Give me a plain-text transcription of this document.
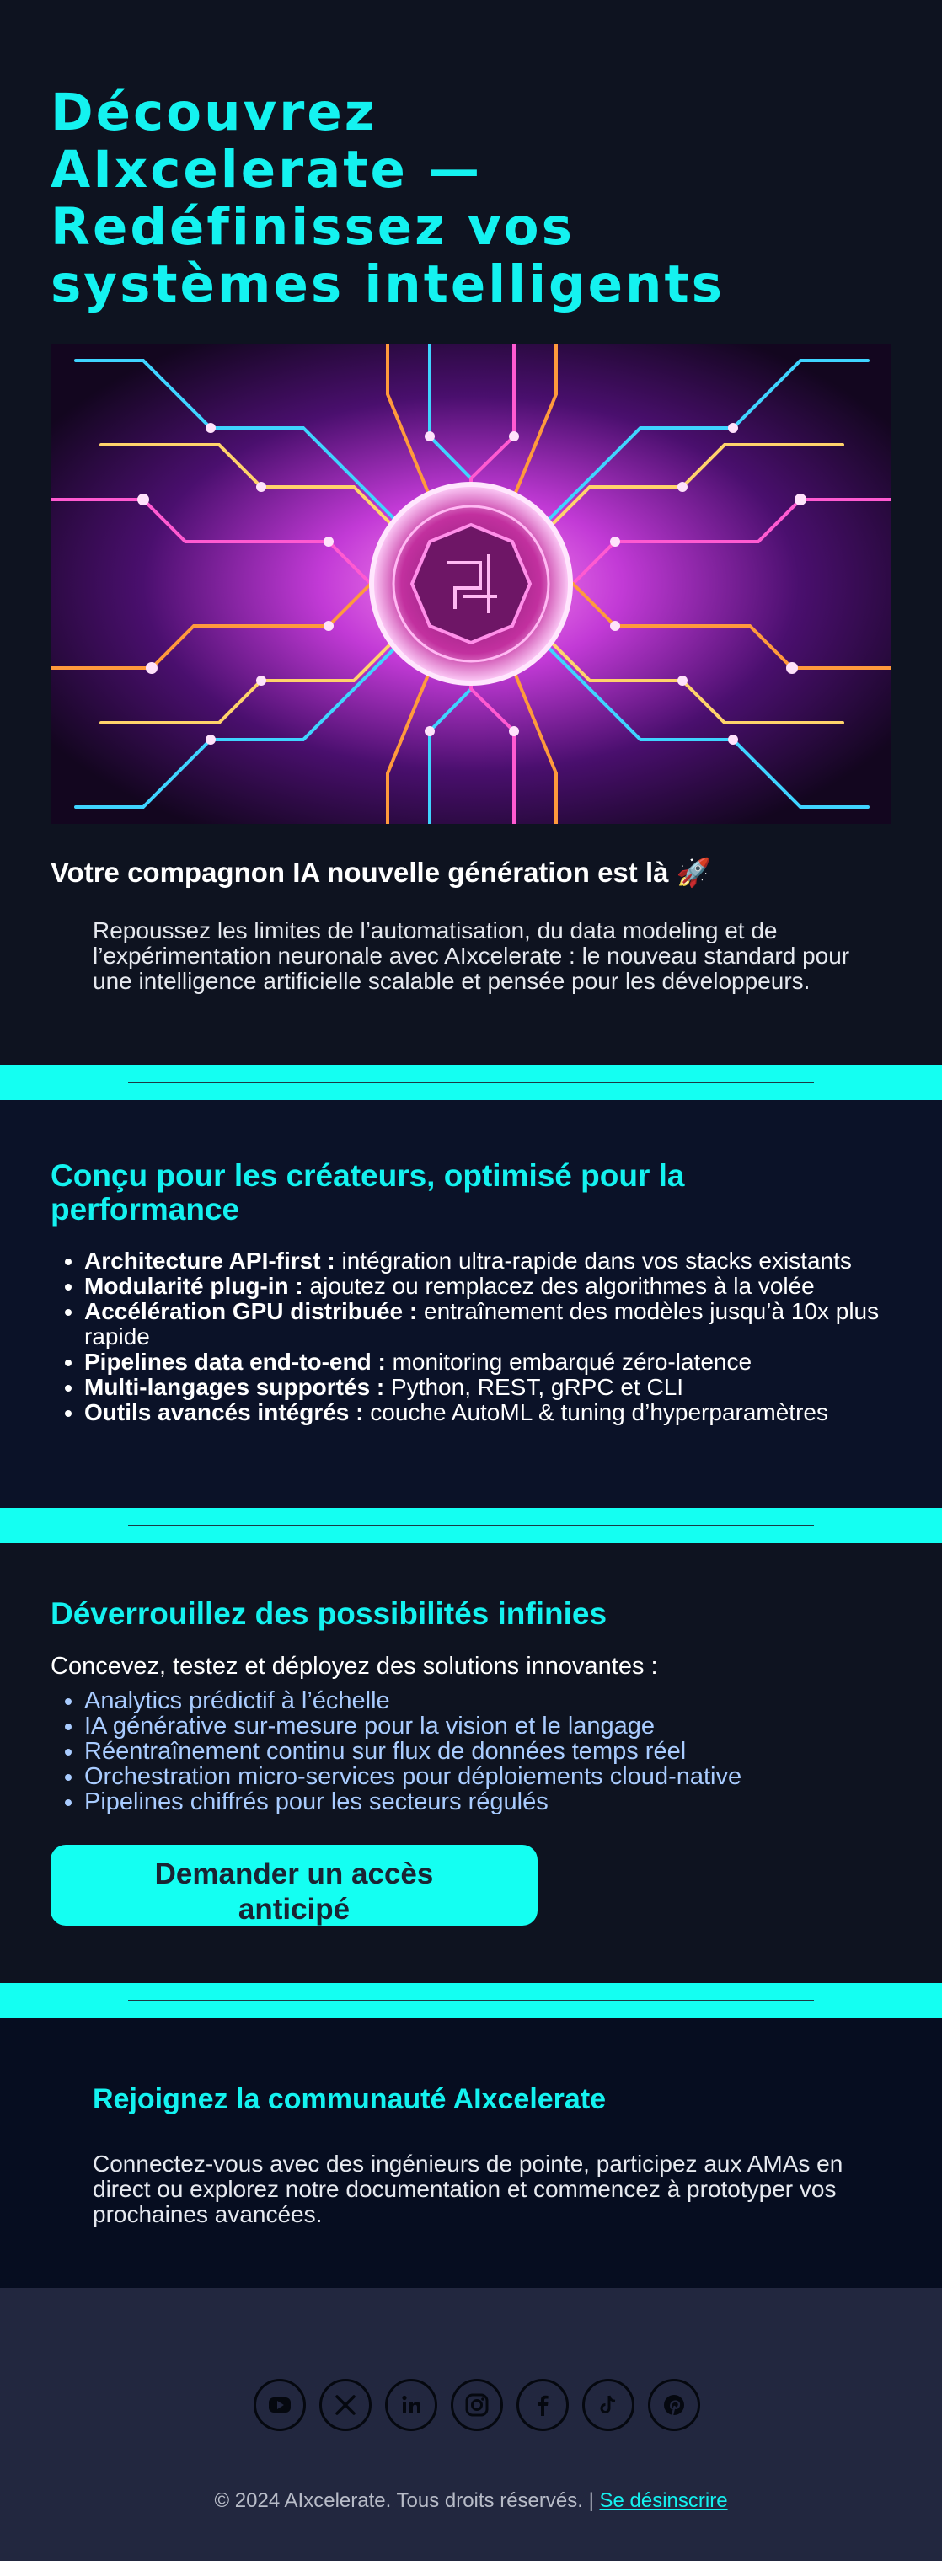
Découvrez AIxcelerate — Redéfinissez vos systèmes intelligents
Votre compagnon IA nouvelle génération est là 🚀

Repoussez les limites de l’automatisation, du data modeling et de l’expérimentation neuronale avec AIxcelerate : le nouveau standard pour une intelligence artificielle scalable et pensée pour les développeurs.

Conçu pour les créateurs, optimisé pour la performance
• Architecture API-first : intégration ultra-rapide dans vos stacks existants
• Modularité plug-in : ajoutez ou remplacez des algorithmes à la volée
• Accélération GPU distribuée : entraînement des modèles jusqu’à 10x plus rapide
• Pipelines data end-to-end : monitoring embarqué zéro-latence
• Multi-langages supportés : Python, REST, gRPC et CLI
• Outils avancés intégrés : couche AutoML & tuning d’hyperparamètres
Déverrouillez des possibilités infinies

Concevez, testez et déployez des solutions innovantes :

• Analytics prédictif à l’échelle
• IA générative sur-mesure pour la vision et le langage
• Réentraînement continu sur flux de données temps réel
• Orchestration micro-services pour déploiements cloud-native
• Pipelines chiffrés pour les secteurs régulés
Demander un accès anticipé
Rejoignez la communauté AIxcelerate

Connectez-vous avec des ingénieurs de pointe, participez aux AMAs en direct ou explorez notre documentation et commencez à prototyper vos prochaines avancées.

© 2024 AIxcelerate. Tous droits réservés. | Se désinscrire
